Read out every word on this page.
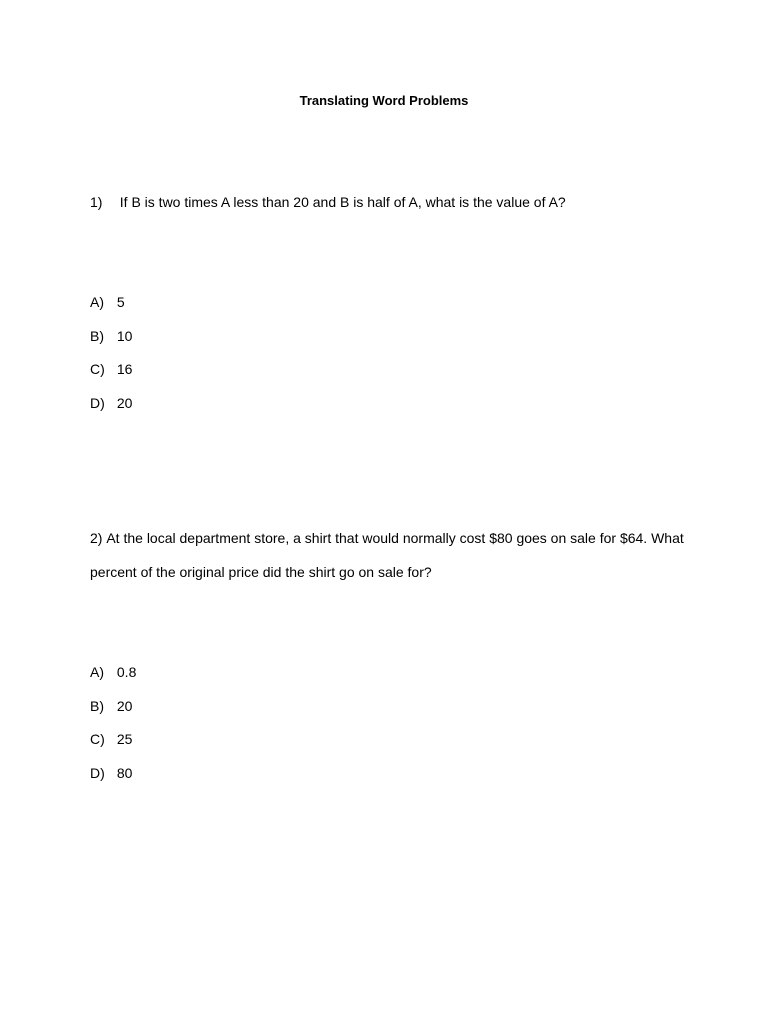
Translating Word Problems
1) If B is two times A less than 20 and B is half of A, what is the value of A?
A) 5
B) 10
C) 16
D) 20
2) At the local department store, a shirt that would normally cost $80 goes on sale for $64. What percent of the original price did the shirt go on sale for?
A) 0.8
B) 20
C) 25
D) 80
